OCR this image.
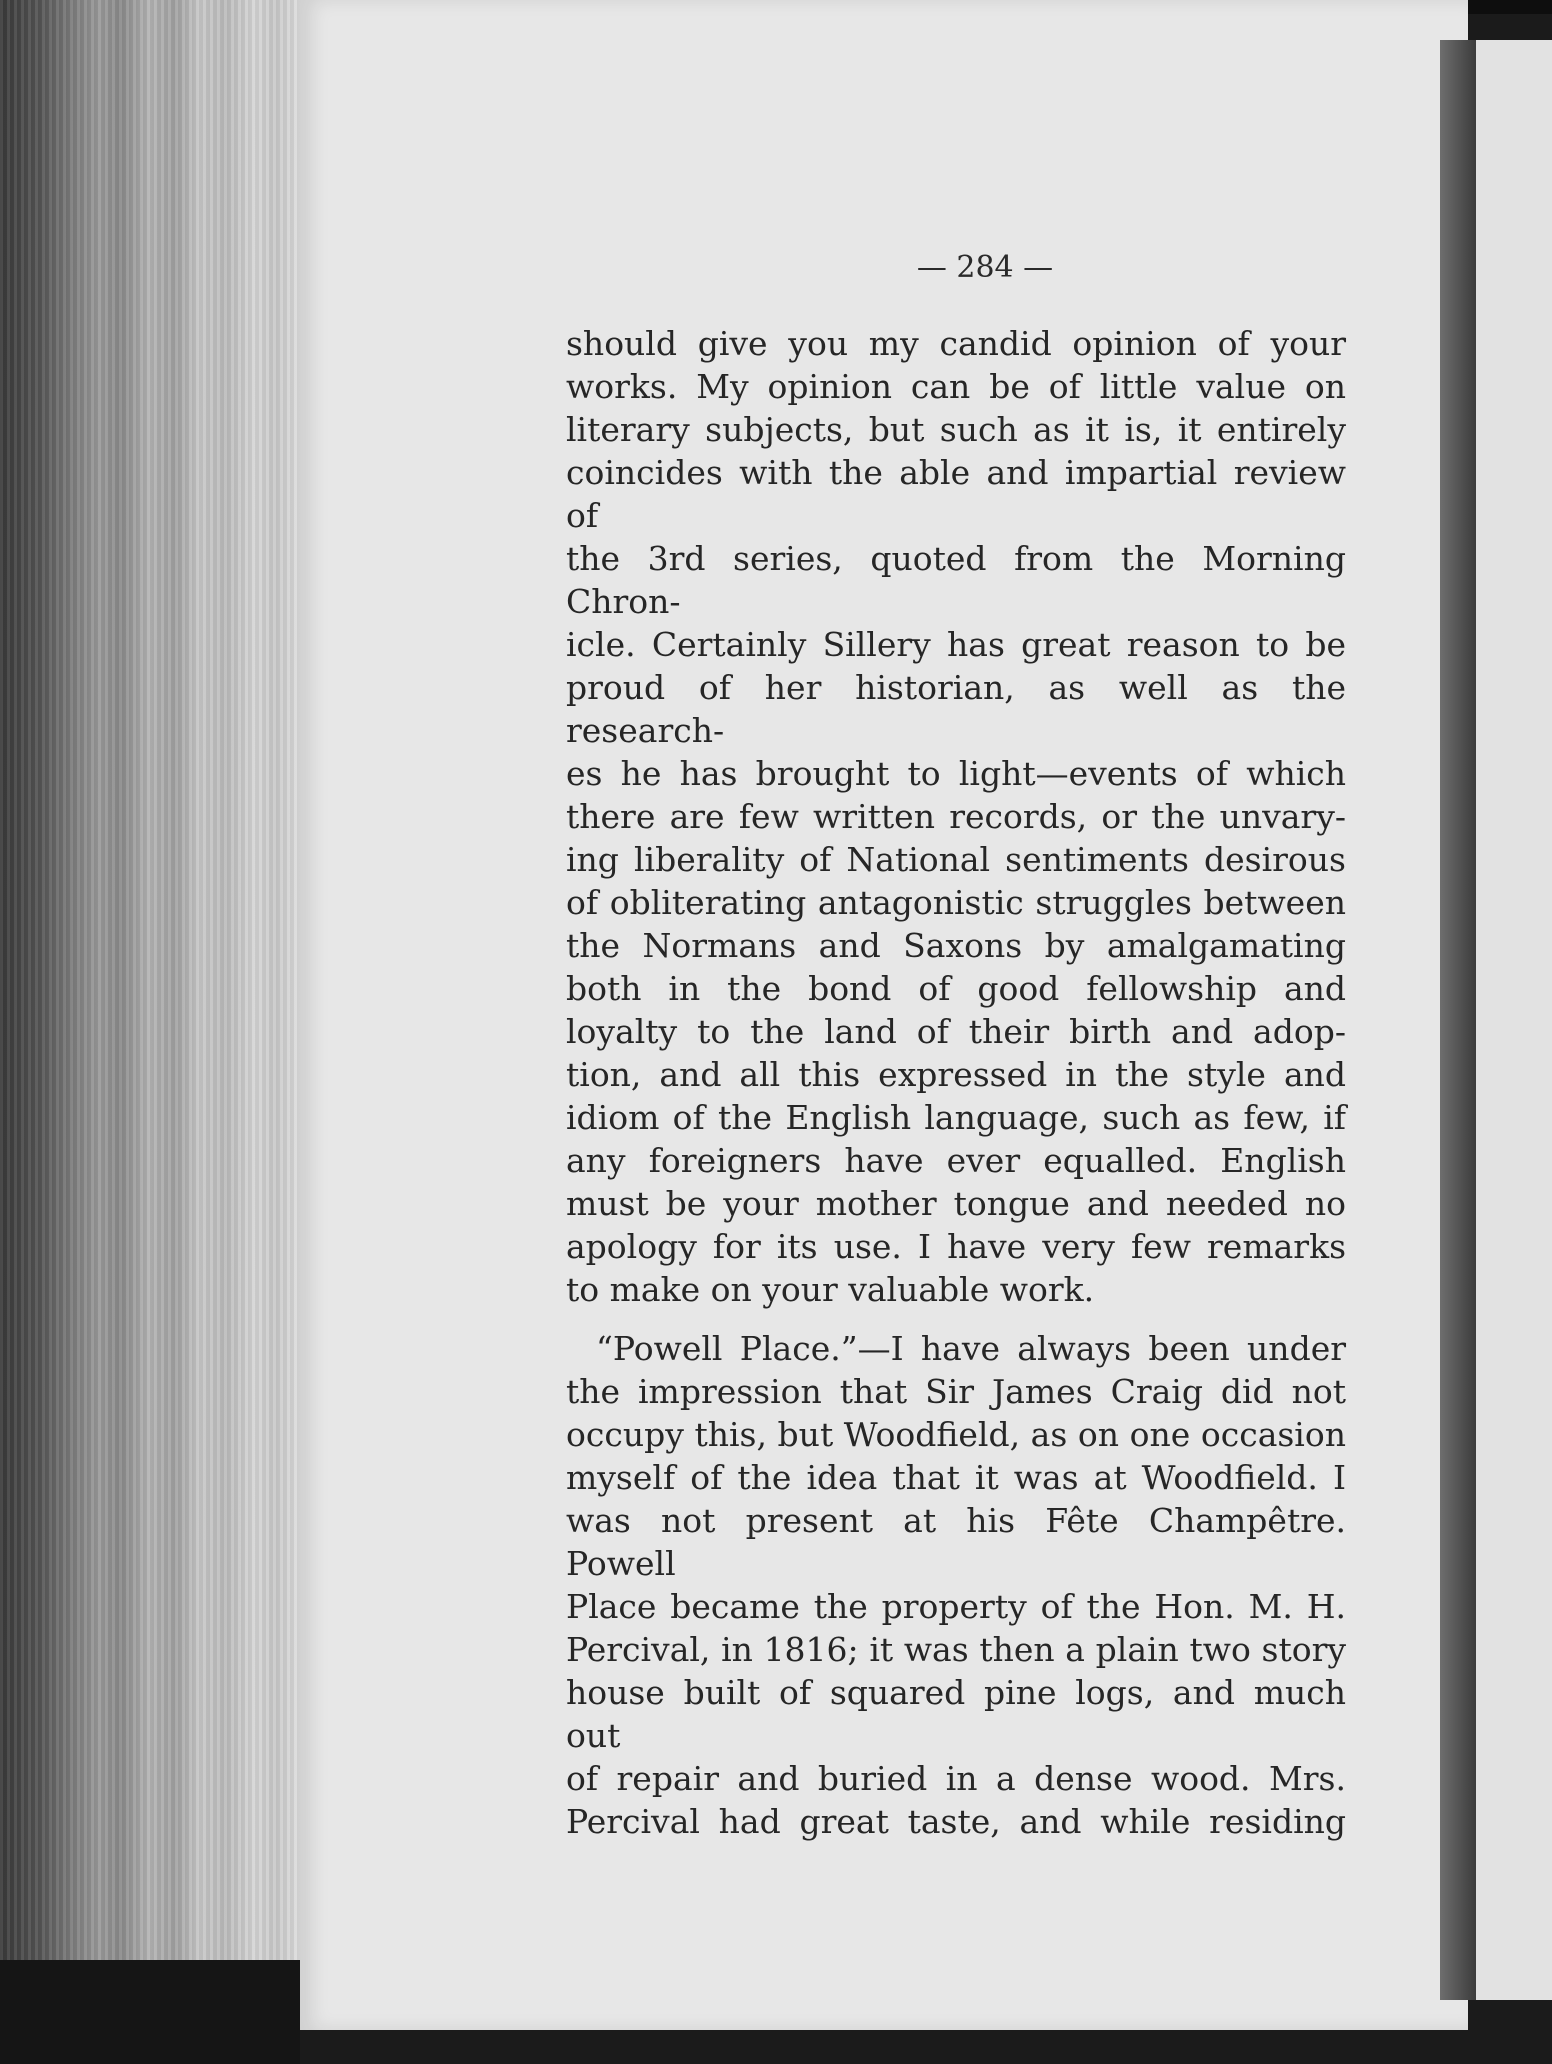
— 284 —

should give you my candid opinion of your
works. My opinion can be of little value on
literary subjects, but such as it is, it entirely
coincides with the able and impartial review of
the 3rd series, quoted from the Morning Chron-
icle. Certainly Sillery has great reason to be
proud of her historian, as well as the research-
es he has brought to light—events of which
there are few written records, or the unvary-
ing liberality of National sentiments desirous
of obliterating antagonistic struggles between
the Normans and Saxons by amalgamating
both in the bond of good fellowship and
loyalty to the land of their birth and adop-
tion, and all this expressed in the style and
idiom of the English language, such as few, if
any foreigners have ever equalled. English
must be your mother tongue and needed no
apology for its use. I have very few remarks
to make on your valuable work.

“Powell Place.”—I have always been under
the impression that Sir James Craig did not
occupy this, but Woodfield, as on one occasion
myself of the idea that it was at Woodfield. I
was not present at his Fête Champêtre. Powell
Place became the property of the Hon. M. H.
Percival, in 1816; it was then a plain two story
house built of squared pine logs, and much out
of repair and buried in a dense wood. Mrs.
Percival had great taste, and while residing
